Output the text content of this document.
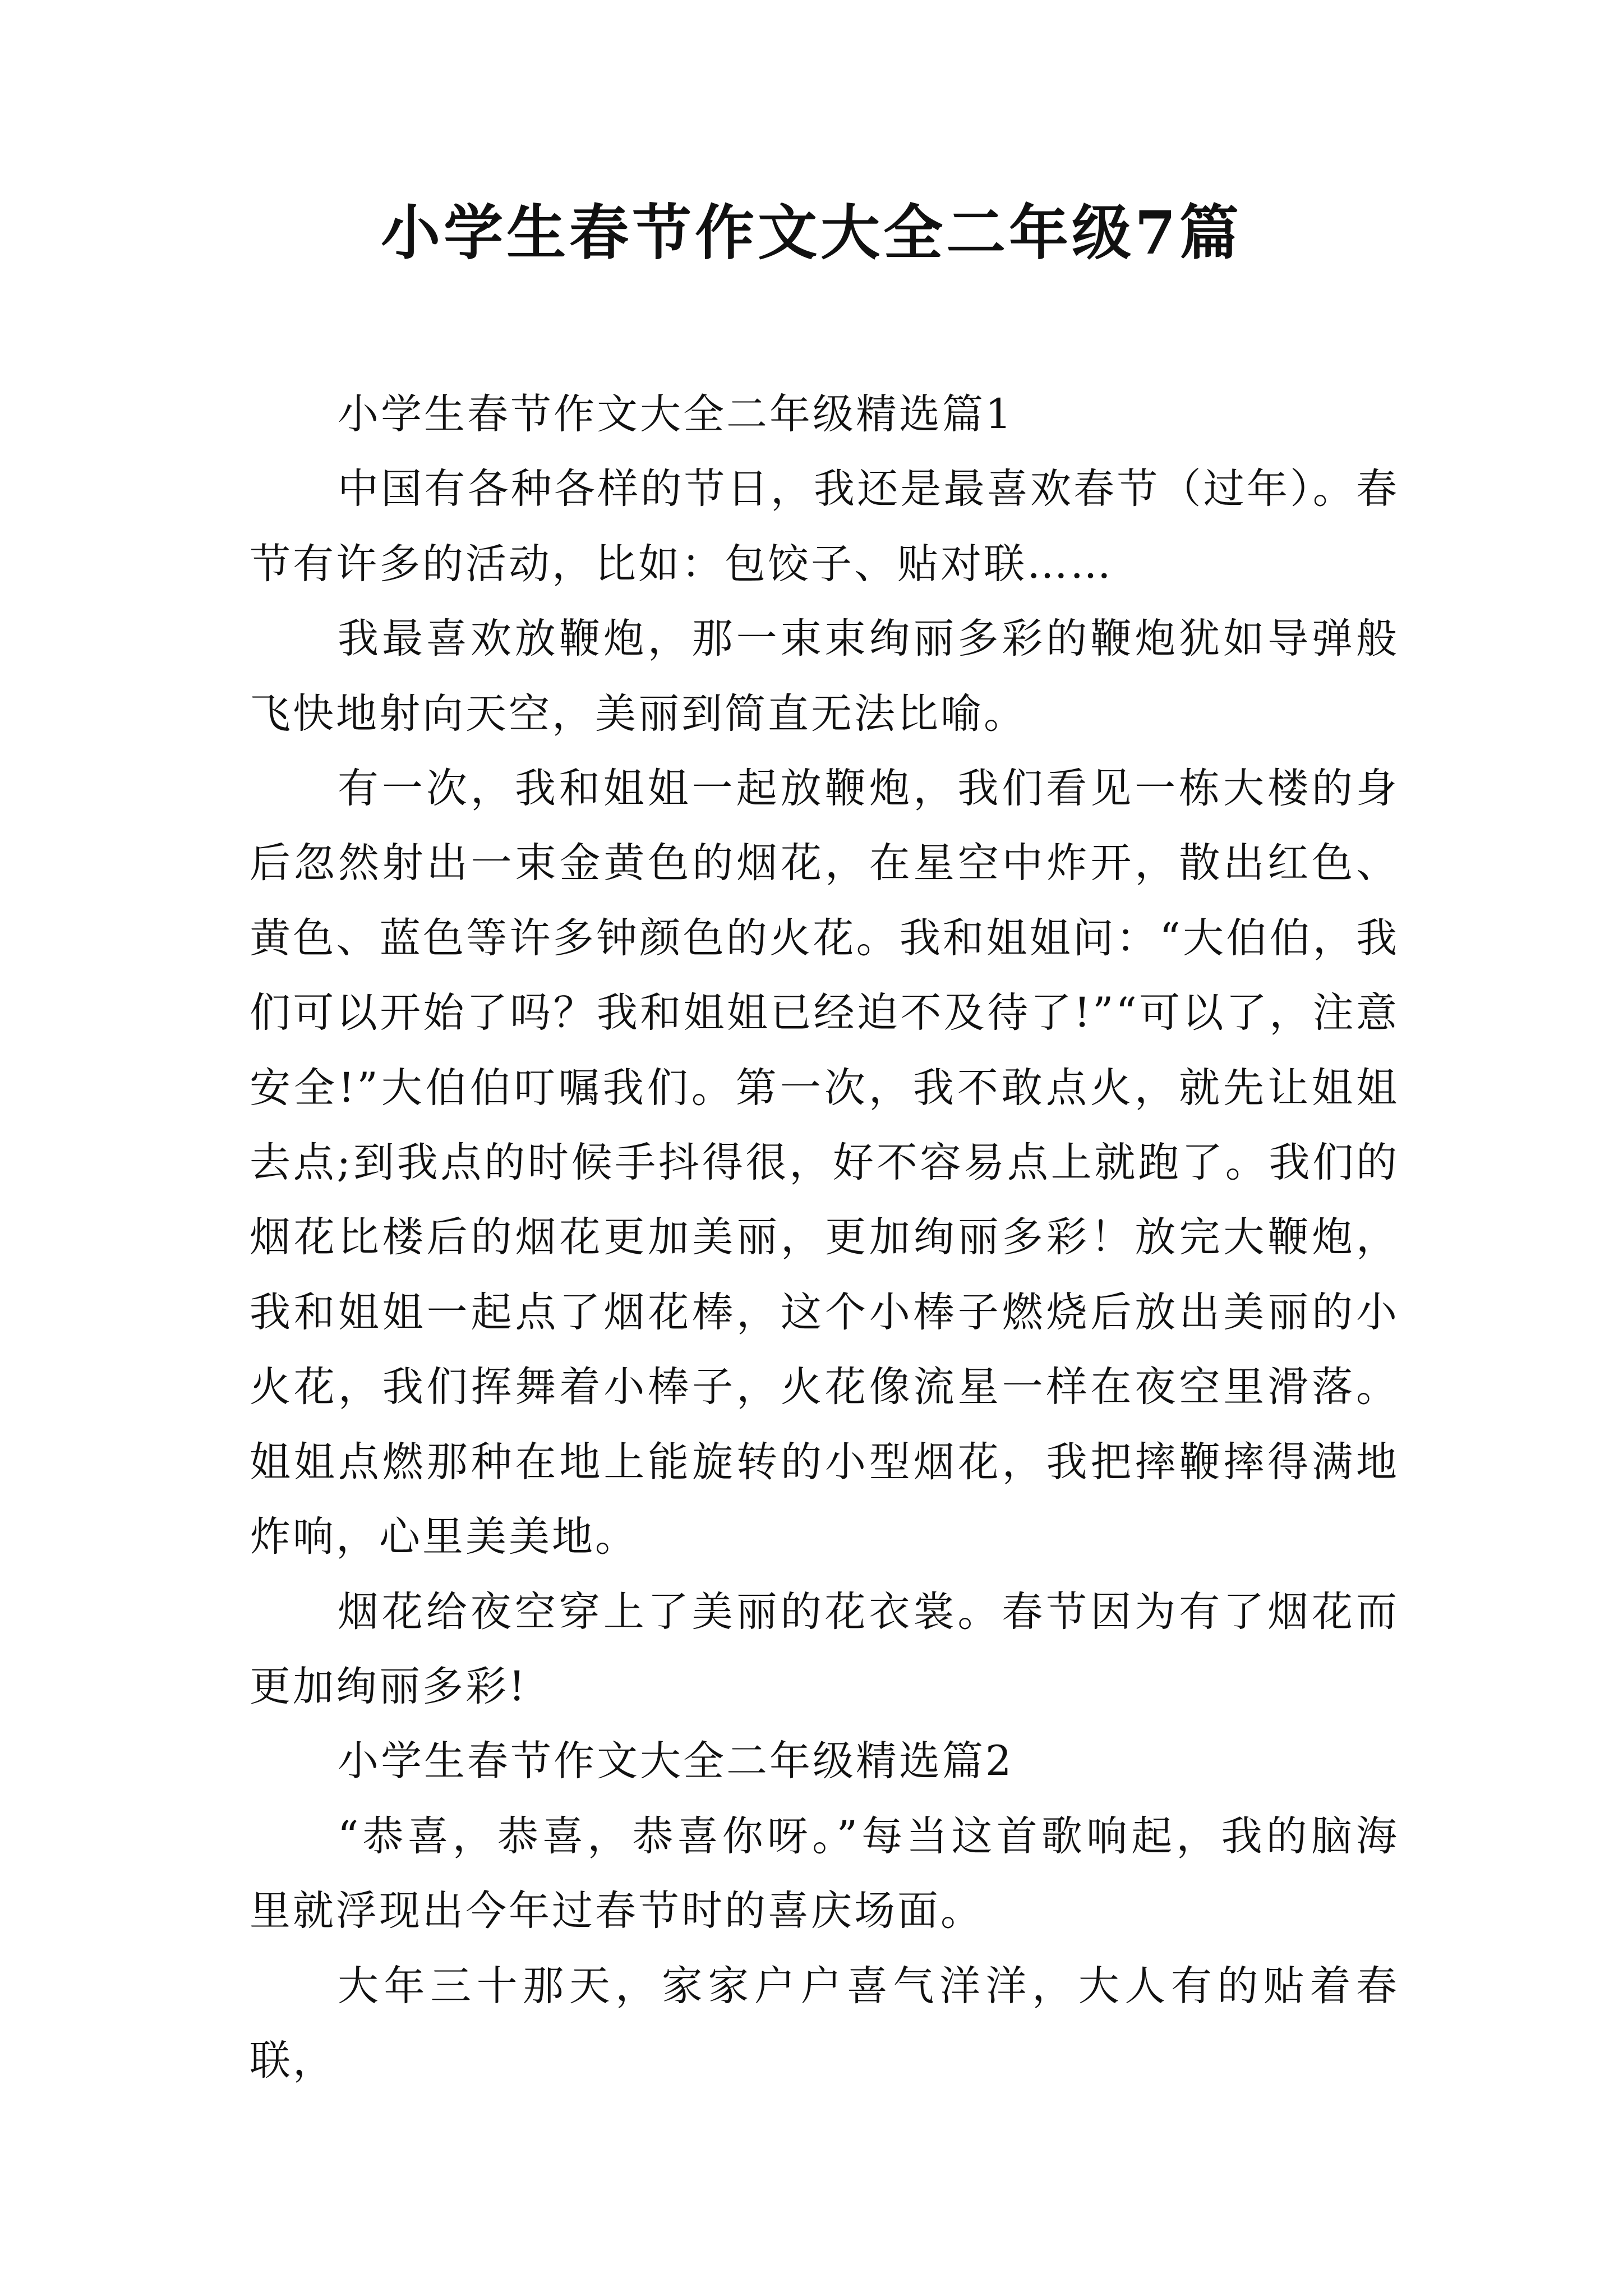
小学生春节作文大全二年级7篇

小学生春节作文大全二年级精选篇1

中国有各种各样的节日，我还是最喜欢春节（过年）。春节有许多的活动，比如：包饺子、贴对联……

我最喜欢放鞭炮，那一束束绚丽多彩的鞭炮犹如导弹般飞快地射向天空，美丽到简直无法比喻。

有一次，我和姐姐一起放鞭炮，我们看见一栋大楼的身后忽然射出一束金黄色的烟花，在星空中炸开，散出红色、黄色、蓝色等许多钟颜色的火花。我和姐姐问：“大伯伯，我们可以开始了吗？我和姐姐已经迫不及待了!”“可以了，注意安全!”大伯伯叮嘱我们。第一次，我不敢点火，就先让姐姐去点;到我点的时候手抖得很，好不容易点上就跑了。我们的烟花比楼后的烟花更加美丽，更加绚丽多彩！放完大鞭炮，我和姐姐一起点了烟花棒，这个小棒子燃烧后放出美丽的小火花，我们挥舞着小棒子，火花像流星一样在夜空里滑落。姐姐点燃那种在地上能旋转的小型烟花，我把摔鞭摔得满地炸响，心里美美地。

烟花给夜空穿上了美丽的花衣裳。春节因为有了烟花而更加绚丽多彩!

小学生春节作文大全二年级精选篇2

“恭喜，恭喜，恭喜你呀。”每当这首歌响起，我的脑海里就浮现出今年过春节时的喜庆场面。

大年三十那天，家家户户喜气洋洋，大人有的贴着春联，
